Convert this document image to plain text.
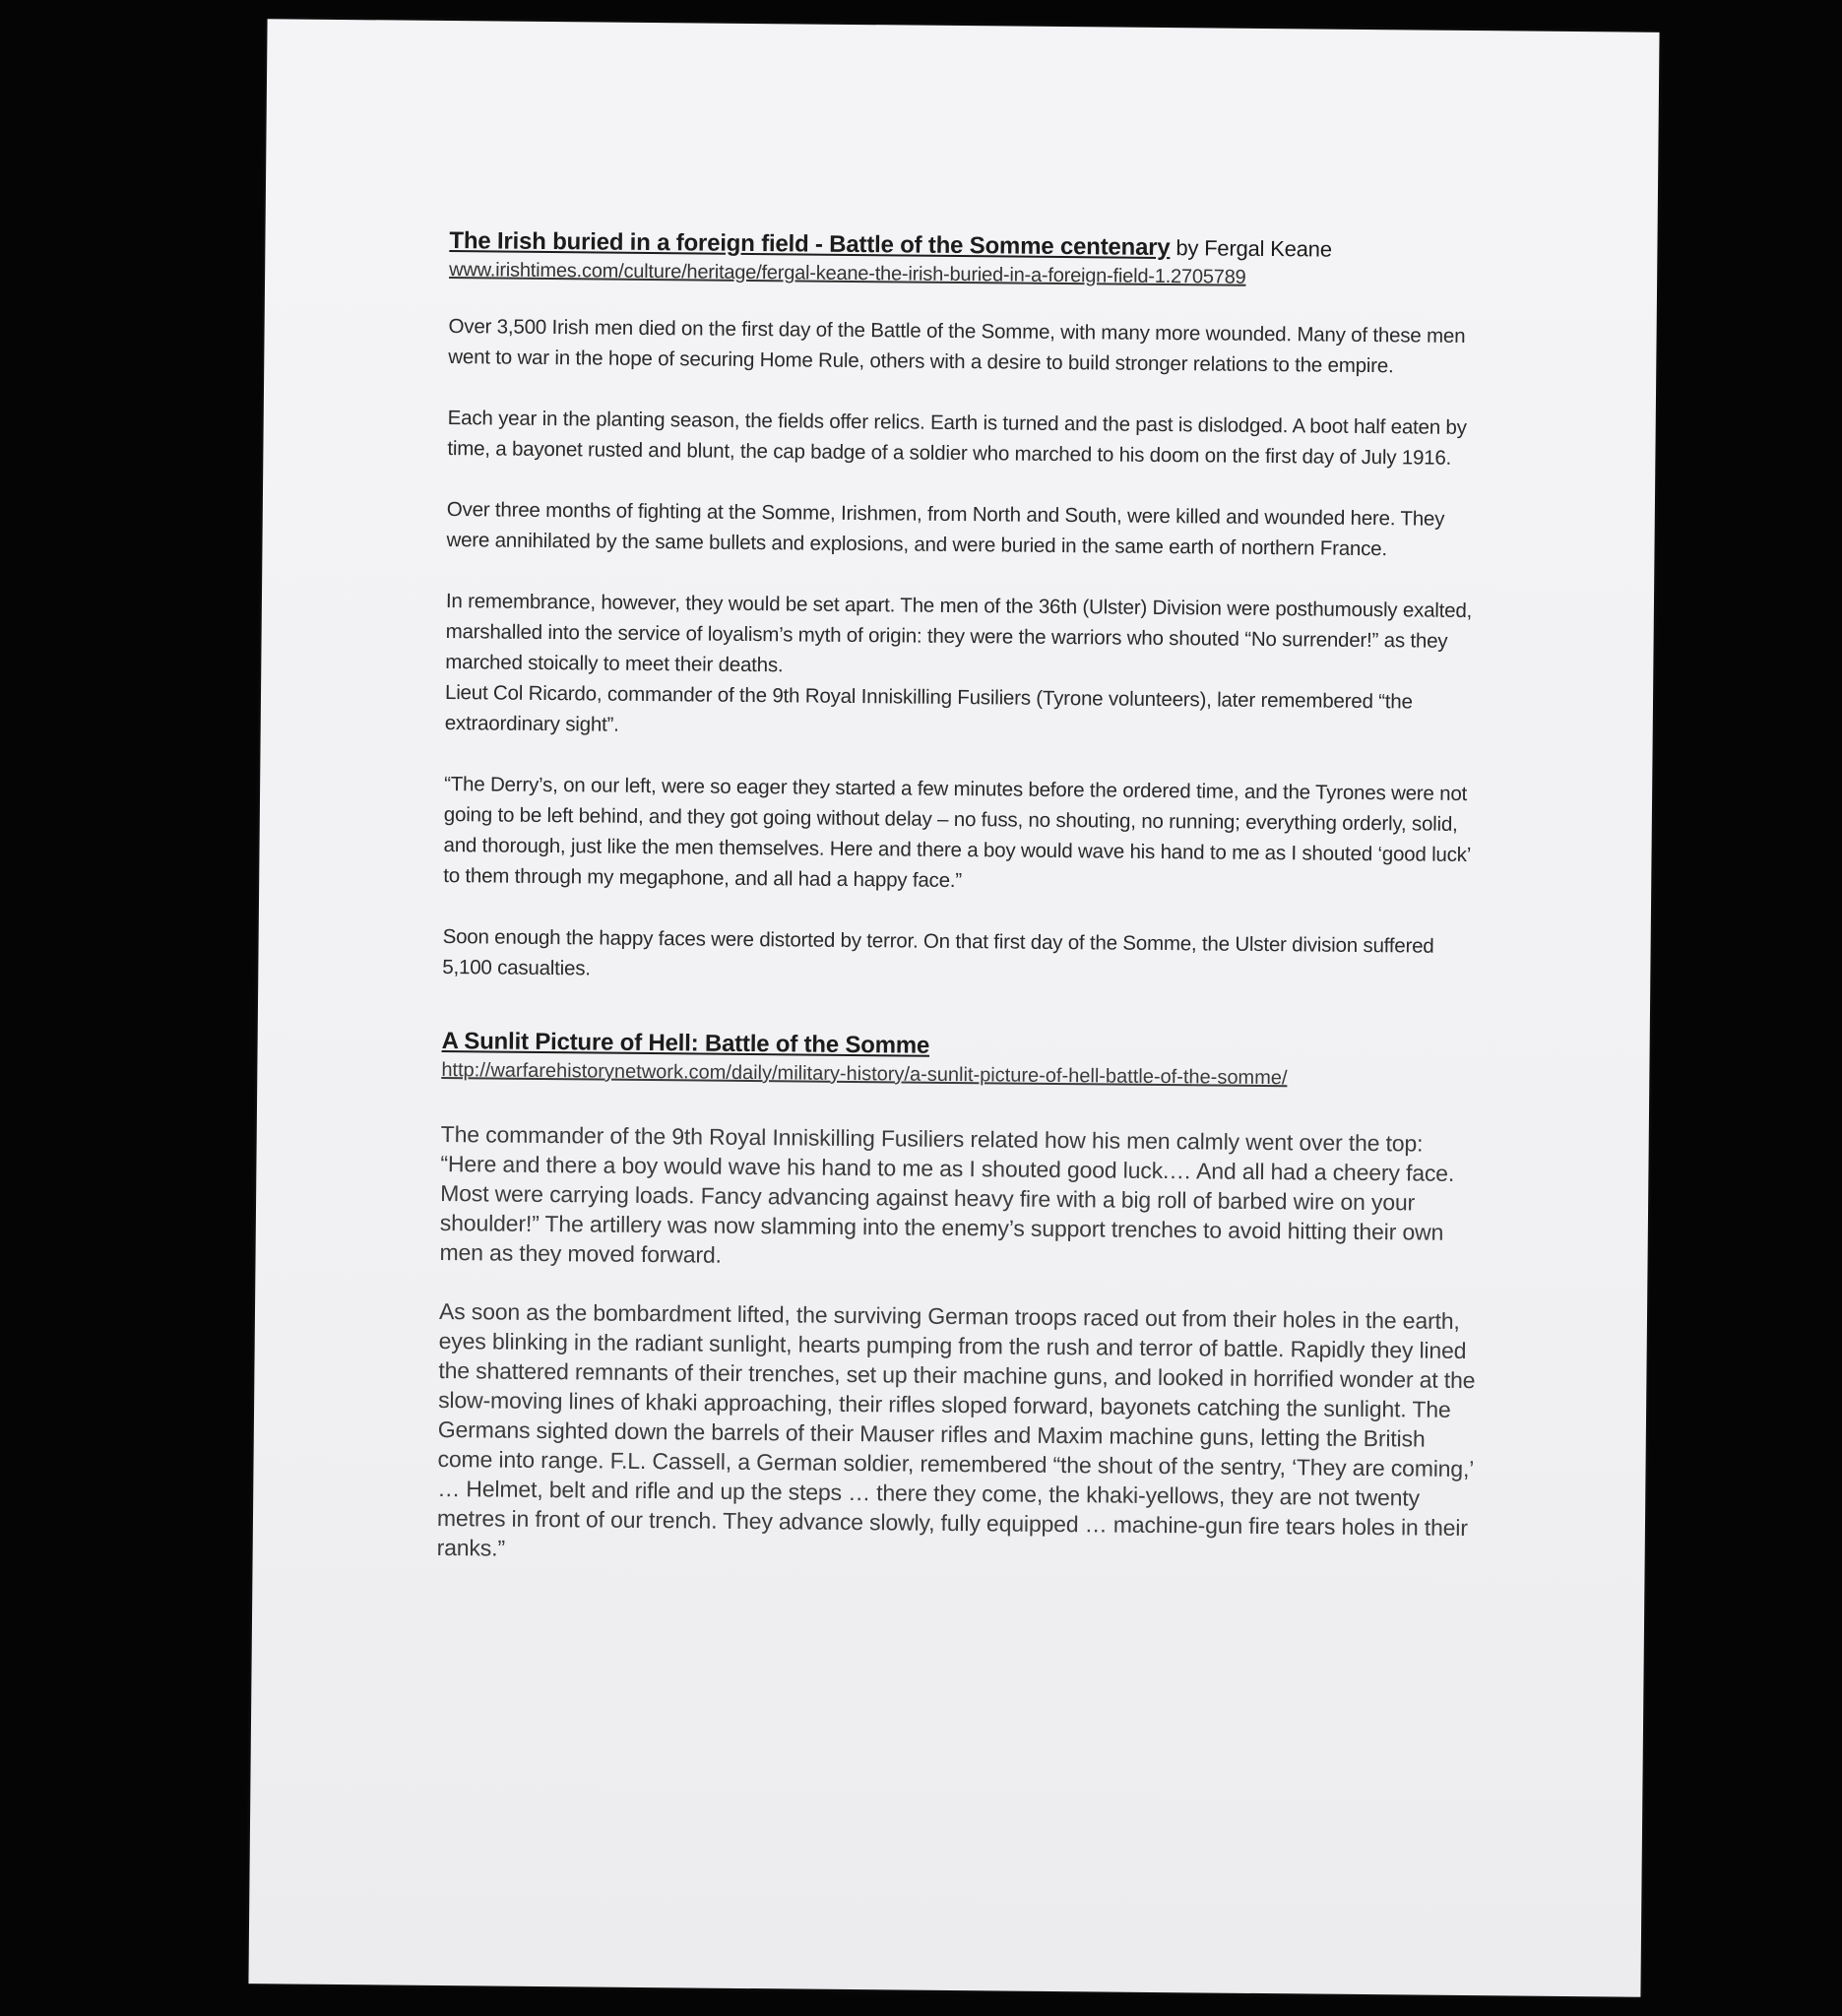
The Irish buried in a foreign field - Battle of the Somme centenary by Fergal Keane

www.irishtimes.com/culture/heritage/fergal-keane-the-irish-buried-in-a-foreign-field-1.2705789

Over 3,500 Irish men died on the first day of the Battle of the Somme, with many more wounded. Many of these men went to war in the hope of securing Home Rule, others with a desire to build stronger relations to the empire.

Each year in the planting season, the fields offer relics. Earth is turned and the past is dislodged. A boot half eaten by time, a bayonet rusted and blunt, the cap badge of a soldier who marched to his doom on the first day of July 1916.

Over three months of fighting at the Somme, Irishmen, from North and South, were killed and wounded here. They were annihilated by the same bullets and explosions, and were buried in the same earth of northern France.

In remembrance, however, they would be set apart. The men of the 36th (Ulster) Division were posthumously exalted, marshalled into the service of loyalism’s myth of origin: they were the warriors who shouted “No surrender!” as they marched stoically to meet their deaths.

Lieut Col Ricardo, commander of the 9th Royal Inniskilling Fusiliers (Tyrone volunteers), later remembered “the extraordinary sight”.

“The Derry’s, on our left, were so eager they started a few minutes before the ordered time, and the Tyrones were not going to be left behind, and they got going without delay – no fuss, no shouting, no running; everything orderly, solid, and thorough, just like the men themselves. Here and there a boy would wave his hand to me as I shouted ‘good luck’ to them through my megaphone, and all had a happy face.”

Soon enough the happy faces were distorted by terror. On that first day of the Somme, the Ulster division suffered 5,100 casualties.

A Sunlit Picture of Hell: Battle of the Somme

http://warfarehistorynetwork.com/daily/military-history/a-sunlit-picture-of-hell-battle-of-the-somme/

The commander of the 9th Royal Inniskilling Fusiliers related how his men calmly went over the top: “Here and there a boy would wave his hand to me as I shouted good luck.… And all had a cheery face. Most were carrying loads. Fancy advancing against heavy fire with a big roll of barbed wire on your shoulder!” The artillery was now slamming into the enemy’s support trenches to avoid hitting their own men as they moved forward.

As soon as the bombardment lifted, the surviving German troops raced out from their holes in the earth, eyes blinking in the radiant sunlight, hearts pumping from the rush and terror of battle. Rapidly they lined the shattered remnants of their trenches, set up their machine guns, and looked in horrified wonder at the slow-moving lines of khaki approaching, their rifles sloped forward, bayonets catching the sunlight. The Germans sighted down the barrels of their Mauser rifles and Maxim machine guns, letting the British come into range. F.L. Cassell, a German soldier, remembered “the shout of the sentry, ‘They are coming,’ … Helmet, belt and rifle and up the steps … there they come, the khaki-yellows, they are not twenty metres in front of our trench. They advance slowly, fully equipped … machine-gun fire tears holes in their ranks.”
